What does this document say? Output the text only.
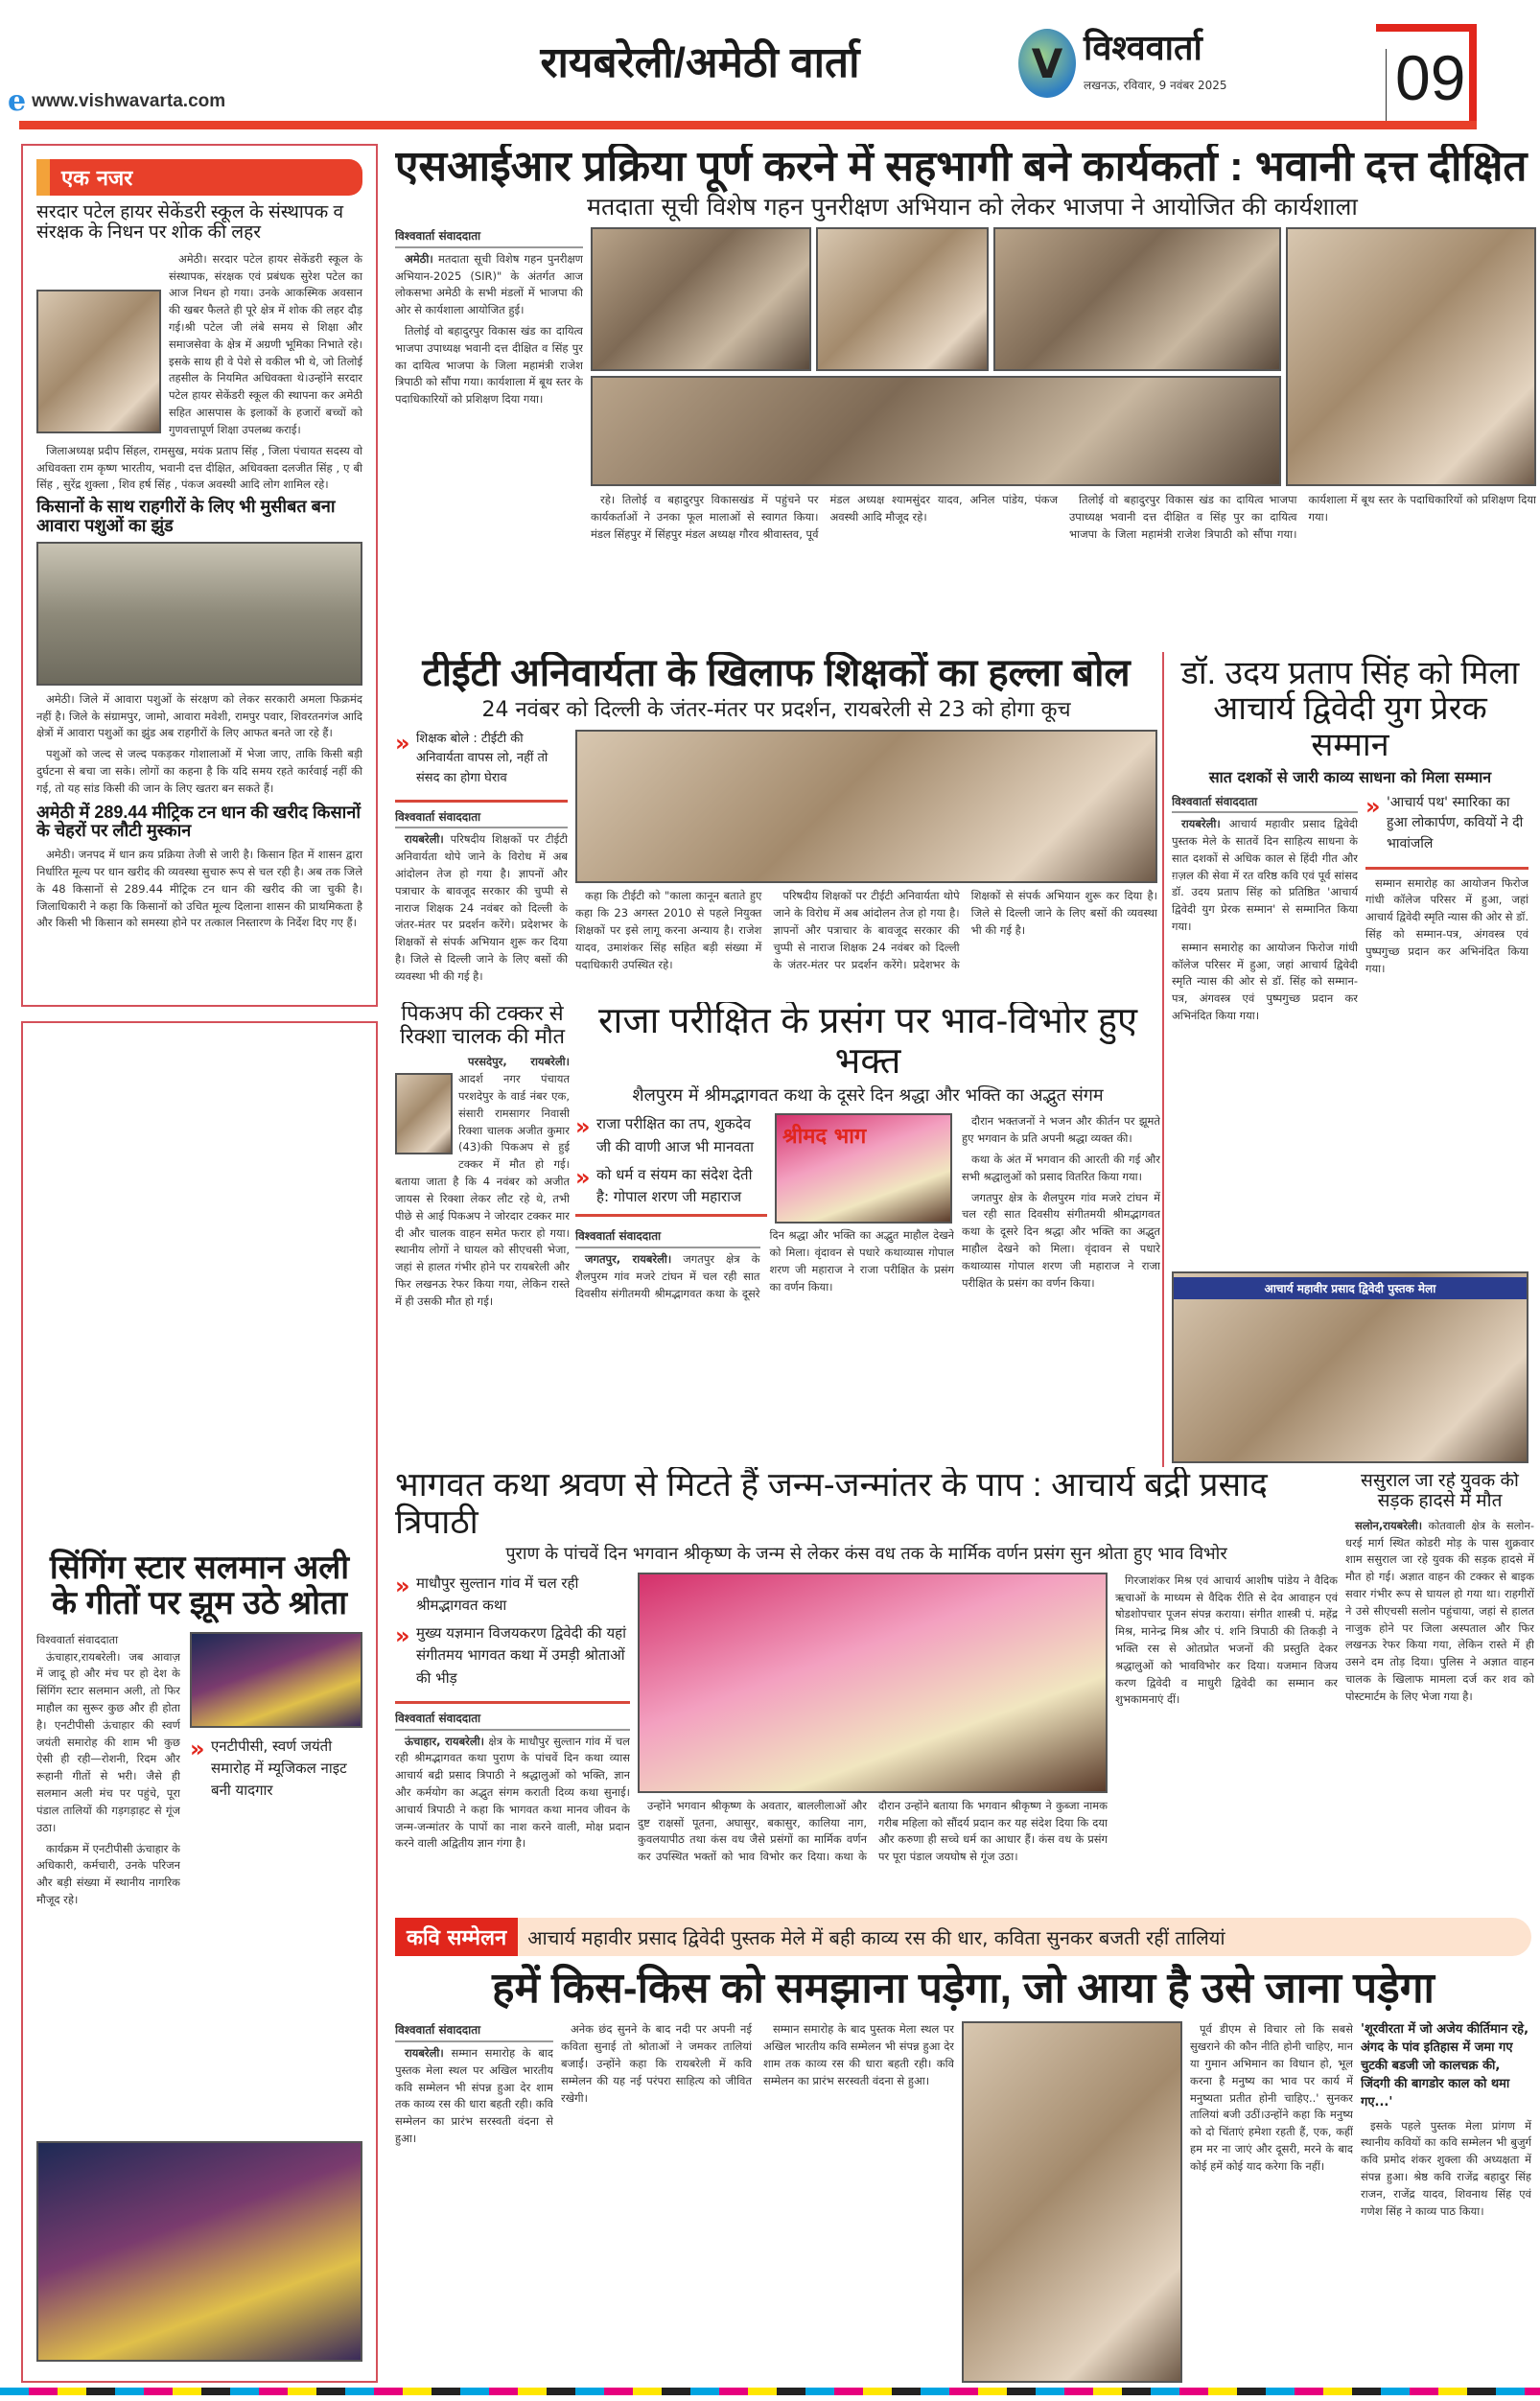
e www.vishwavarta.com
रायबरेली/अमेठी वार्ता	V विश्ववार्ता
लखनऊ, रविवार, 9 नवंबर 2025	09
एक नजर
सरदार पटेल हायर सेकेंडरी स्कूल के संस्थापक व संरक्षक के निधन पर शोक की लहर

अमेठी। सरदार पटेल हायर सेकेंडरी स्कूल के संस्थापक, संरक्षक एवं प्रबंधक सुरेश पटेल का आज निधन हो गया। उनके आकस्मिक अवसान की खबर फैलते ही पूरे क्षेत्र में शोक की लहर दौड़ गई।श्री पटेल जी लंबे समय से शिक्षा और समाजसेवा के क्षेत्र में अग्रणी भूमिका निभाते रहे। इसके साथ ही वे पेशे से वकील भी थे, जो तिलोई तहसील के नियमित अधिवक्ता थे।उन्होंने सरदार पटेल हायर सेकेंडरी स्कूल की स्थापना कर अमेठी सहित आसपास के इलाकों के हजारों बच्चों को गुणवत्तापूर्ण शिक्षा उपलब्ध कराई।

जिलाअध्यक्ष प्रदीप सिंहल, रामसुख, मयंक प्रताप सिंह , जिला पंचायत सदस्य वो अधिवक्ता राम कृष्ण भारतीय, भवानी दत्त दीक्षित, अधिवक्ता दलजीत सिंह , ए बी सिंह , सुरेंद्र शुक्ला , शिव हर्ष सिंह , पंकज अवस्थी आदि लोग शामिल रहे।

किसानों के साथ राहगीरों के लिए भी मुसीबत बना आवारा पशुओं का झुंड

अमेठी। जिले में आवारा पशुओं के संरक्षण को लेकर सरकारी अमला फिक्रमंद नहीं है। जिले के संग्रामपुर, जामो, आवारा मवेशी, रामपुर पवार, शिवरतनगंज आदि क्षेत्रों में आवारा पशुओं का झुंड अब राहगीरों के लिए आफत बनते जा रहे हैं।

पशुओं को जल्द से जल्द पकड़कर गोशालाओं में भेजा जाए, ताकि किसी बड़ी दुर्घटना से बचा जा सके। लोगों का कहना है कि यदि समय रहते कार्रवाई नहीं की गई, तो यह सांड किसी की जान के लिए खतरा बन सकते हैं।

अमेठी में 289.44 मीट्रिक टन धान की खरीद किसानों के चेहरों पर लौटी मुस्कान

अमेठी। जनपद में धान क्रय प्रक्रिया तेजी से जारी है। किसान हित में शासन द्वारा निर्धारित मूल्य पर धान खरीद की व्यवस्था सुचारु रूप से चल रही है। अब तक जिले के 48 किसानों से 289.44 मीट्रिक टन धान की खरीद की जा चुकी है। जिलाधिकारी ने कहा कि किसानों को उचित मूल्य दिलाना शासन की प्राथमिकता है और किसी भी किसान को समस्या होने पर तत्काल निस्तारण के निर्देश दिए गए हैं।

सिंगिंग स्टार सलमान अली के गीतों पर झूम उठे श्रोता
विश्ववार्ता संवाददाता

ऊंचाहार,रायबरेली। जब आवाज़ में जादू हो और मंच पर हो देश के सिंगिंग स्टार सलमान अली, तो फिर माहौल का सुरूर कुछ और ही होता है। एनटीपीसी ऊंचाहार की स्वर्ण जयंती समारोह की शाम भी कुछ ऐसी ही रही—रोशनी, रिदम और रूहानी गीतों से भरी। जैसे ही सलमान अली मंच पर पहुंचे, पूरा पंडाल तालियों की गड़गड़ाहट से गूंज उठा।

कार्यक्रम में एनटीपीसी ऊंचाहार के अधिकारी, कर्मचारी, उनके परिजन और बड़ी संख्या में स्थानीय नागरिक मौजूद रहे।

» एनटीपीसी, स्वर्ण जयंती समारोह में म्यूजिकल नाइट बनी यादगार
एसआईआर प्रक्रिया पूर्ण करने में सहभागी बने कार्यकर्ता : भवानी दत्त दीक्षित
मतदाता सूची विशेष गहन पुनरीक्षण अभियान को लेकर भाजपा ने आयोजित की कार्यशाला
विश्ववार्ता संवाददाता

अमेठी। मतदाता सूची विशेष गहन पुनरीक्षण अभियान-2025 (SIR)" के अंतर्गत आज लोकसभा अमेठी के सभी मंडलों में भाजपा की ओर से कार्यशाला आयोजित हुई।

तिलोई वो बहादुरपुर विकास खंड का दायित्व भाजपा उपाध्यक्ष भवानी दत्त दीक्षित व सिंह पुर का दायित्व भाजपा के जिला महामंत्री राजेश त्रिपाठी को सौंपा गया। कार्यशाला में बूथ स्तर के पदाधिकारियों को प्रशिक्षण दिया गया।

रहे। तिलोई व बहादुरपुर विकासखंड में पहुंचने पर कार्यकर्ताओं ने उनका फूल मालाओं से स्वागत किया। मंडल सिंहपुर में सिंहपुर मंडल अध्यक्ष गौरव श्रीवास्तव, पूर्व मंडल अध्यक्ष श्यामसुंदर यादव, अनिल पांडेय, पंकज अवस्थी आदि मौजूद रहे।

तिलोई वो बहादुरपुर विकास खंड का दायित्व भाजपा उपाध्यक्ष भवानी दत्त दीक्षित व सिंह पुर का दायित्व भाजपा के जिला महामंत्री राजेश त्रिपाठी को सौंपा गया। कार्यशाला में बूथ स्तर के पदाधिकारियों को प्रशिक्षण दिया गया।

टीईटी अनिवार्यता के खिलाफ शिक्षकों का हल्ला बोल
24 नवंबर को दिल्ली के जंतर-मंतर पर प्रदर्शन, रायबरेली से 23 को होगा कूच
» शिक्षक बोले : टीईटी की अनिवार्यता वापस लो, नहीं तो संसद का होगा घेराव
विश्ववार्ता संवाददाता

रायबरेली। परिषदीय शिक्षकों पर टीईटी अनिवार्यता थोपे जाने के विरोध में अब आंदोलन तेज हो गया है। ज्ञापनों और पत्राचार के बावजूद सरकार की चुप्पी से नाराज शिक्षक 24 नवंबर को दिल्ली के जंतर-मंतर पर प्रदर्शन करेंगे। प्रदेशभर के शिक्षकों से संपर्क अभियान शुरू कर दिया है। जिले से दिल्ली जाने के लिए बसों की व्यवस्था भी की गई है।

कहा कि टीईटी को "काला कानून बताते हुए कहा कि 23 अगस्त 2010 से पहले नियुक्त शिक्षकों पर इसे लागू करना अन्याय है। राजेश यादव, उमाशंकर सिंह सहित बड़ी संख्या में पदाधिकारी उपस्थित रहे।

परिषदीय शिक्षकों पर टीईटी अनिवार्यता थोपे जाने के विरोध में अब आंदोलन तेज हो गया है। ज्ञापनों और पत्राचार के बावजूद सरकार की चुप्पी से नाराज शिक्षक 24 नवंबर को दिल्ली के जंतर-मंतर पर प्रदर्शन करेंगे। प्रदेशभर के शिक्षकों से संपर्क अभियान शुरू कर दिया है। जिले से दिल्ली जाने के लिए बसों की व्यवस्था भी की गई है।

डॉ. उदय प्रताप सिंह को मिला आचार्य द्विवेदी युग प्रेरक सम्मान
सात दशकों से जारी काव्य साधना को मिला सम्मान
विश्ववार्ता संवाददाता

रायबरेली। आचार्य महावीर प्रसाद द्विवेदी पुस्तक मेले के सातवें दिन साहित्य साधना के सात दशकों से अधिक काल से हिंदी गीत और ग़ज़ल की सेवा में रत वरिष्ठ कवि एवं पूर्व सांसद डॉ. उदय प्रताप सिंह को प्रतिष्ठित 'आचार्य द्विवेदी युग प्रेरक सम्मान' से सम्मानित किया गया।

सम्मान समारोह का आयोजन फिरोज गांधी कॉलेज परिसर में हुआ, जहां आचार्य द्विवेदी स्मृति न्यास की ओर से डॉ. सिंह को सम्मान-पत्र, अंगवस्त्र एवं पुष्पगुच्छ प्रदान कर अभिनंदित किया गया।

» 'आचार्य पथ' स्मारिका का हुआ लोकार्पण, कवियों ने दी भावांजलि

सम्मान समारोह का आयोजन फिरोज गांधी कॉलेज परिसर में हुआ, जहां आचार्य द्विवेदी स्मृति न्यास की ओर से डॉ. सिंह को सम्मान-पत्र, अंगवस्त्र एवं पुष्पगुच्छ प्रदान कर अभिनंदित किया गया।

आचार्य महावीर प्रसाद द्विवेदी पुस्तक मेला
पिकअप की टक्कर से रिक्शा चालक की मौत

परसदेपुर, रायबरेली। आदर्श नगर पंचायत परशदेपुर के वार्ड नंबर एक, संसारी रामसागर निवासी रिक्शा चालक अजीत कुमार (43)की पिकअप से हुई टक्कर में मौत हो गई। बताया जाता है कि 4 नवंबर को अजीत जायस से रिक्शा लेकर लौट रहे थे, तभी पीछे से आई पिकअप ने जोरदार टक्कर मार दी और चालक वाहन समेत फरार हो गया। स्थानीय लोगों ने घायल को सीएचसी भेजा, जहां से हालत गंभीर होने पर रायबरेली और फिर लखनऊ रेफर किया गया, लेकिन रास्ते में ही उसकी मौत हो गई।

राजा परीक्षित के प्रसंग पर भाव-विभोर हुए भक्त
शैलपुरम में श्रीमद्भागवत कथा के दूसरे दिन श्रद्धा और भक्ति का अद्भुत संगम
» राजा परीक्षित का तप, शुकदेव जी की वाणी आज भी मानवता
» को धर्म व संयम का संदेश देती है: गोपाल शरण जी महाराज
श्रीमद भाग
विश्ववार्ता संवाददाता

जगतपुर, रायबरेली। जगतपुर क्षेत्र के शैलपुरम गांव मजरे टांघन में चल रही सात दिवसीय संगीतमयी श्रीमद्भागवत कथा के दूसरे दिन श्रद्धा और भक्ति का अद्भुत माहौल देखने को मिला। वृंदावन से पधारे कथाव्यास गोपाल शरण जी महाराज ने राजा परीक्षित के प्रसंग का वर्णन किया।

दौरान भक्तजनों ने भजन और कीर्तन पर झूमते हुए भगवान के प्रति अपनी श्रद्धा व्यक्त की।

कथा के अंत में भगवान की आरती की गई और सभी श्रद्धालुओं को प्रसाद वितरित किया गया।

जगतपुर क्षेत्र के शैलपुरम गांव मजरे टांघन में चल रही सात दिवसीय संगीतमयी श्रीमद्भागवत कथा के दूसरे दिन श्रद्धा और भक्ति का अद्भुत माहौल देखने को मिला। वृंदावन से पधारे कथाव्यास गोपाल शरण जी महाराज ने राजा परीक्षित के प्रसंग का वर्णन किया।

भागवत कथा श्रवण से मिटते हैं जन्म-जन्मांतर के पाप : आचार्य बद्री प्रसाद त्रिपाठी
पुराण के पांचवें दिन भगवान श्रीकृष्ण के जन्म से लेकर कंस वध तक के मार्मिक वर्णन प्रसंग सुन श्रोता हुए भाव विभोर
» माधौपुर सुल्तान गांव में चल रही श्रीमद्भागवत कथा
» मुख्य यज्ञमान विजयकरण द्विवेदी की यहां संगीतमय भागवत कथा में उमड़ी श्रोताओं की भीड़
विश्ववार्ता संवाददाता

ऊंचाहार, रायबरेली। क्षेत्र के माधौपुर सुल्तान गांव में चल रही श्रीमद्भागवत कथा पुराण के पांचवें दिन कथा व्यास आचार्य बद्री प्रसाद त्रिपाठी ने श्रद्धालुओं को भक्ति, ज्ञान और कर्मयोग का अद्भुत संगम कराती दिव्य कथा सुनाई। आचार्य त्रिपाठी ने कहा कि भागवत कथा मानव जीवन के जन्म-जन्मांतर के पापों का नाश करने वाली, मोक्ष प्रदान करने वाली अद्वितीय ज्ञान गंगा है।

उन्होंने भगवान श्रीकृष्ण के अवतार, बाललीलाओं और दुष्ट राक्षसों पूतना, अघासुर, बकासुर, कालिया नाग, कुवलयापीठ तथा कंस वध जैसे प्रसंगों का मार्मिक वर्णन कर उपस्थित भक्तों को भाव विभोर कर दिया। कथा के दौरान उन्होंने बताया कि भगवान श्रीकृष्ण ने कुब्जा नामक गरीब महिला को सौंदर्य प्रदान कर यह संदेश दिया कि दया और करुणा ही सच्चे धर्म का आधार हैं। कंस वध के प्रसंग पर पूरा पंडाल जयघोष से गूंज उठा।

गिरजाशंकर मिश्र एवं आचार्य आशीष पांडेय ने वैदिक ऋचाओं के माध्यम से वैदिक रीति से देव आवाहन एवं षोडशोपचार पूजन संपन्न कराया। संगीत शास्त्री पं. महेंद्र मिश्र, मानेन्द्र मिश्र और पं. शनि त्रिपाठी की तिकड़ी ने भक्ति रस से ओतप्रोत भजनों की प्रस्तुति देकर श्रद्धालुओं को भावविभोर कर दिया। यजमान विजय करण द्विवेदी व माधुरी द्विवेदी का सम्मान कर शुभकामनाएं दीं।

ससुराल जा रहे युवक की सड़क हादसे में मौत

सलोन,रायबरेली। कोतवाली क्षेत्र के सलोन-धरई मार्ग स्थित कोडरी मोड़ के पास शुक्रवार शाम ससुराल जा रहे युवक की सड़क हादसे में मौत हो गई। अज्ञात वाहन की टक्कर से बाइक सवार गंभीर रूप से घायल हो गया था। राहगीरों ने उसे सीएचसी सलोन पहुंचाया, जहां से हालत नाजुक होने पर जिला अस्पताल और फिर लखनऊ रेफर किया गया, लेकिन रास्ते में ही उसने दम तोड़ दिया। पुलिस ने अज्ञात वाहन चालक के खिलाफ मामला दर्ज कर शव को पोस्टमार्टम के लिए भेजा गया है।

कवि सम्मेलन	आचार्य महावीर प्रसाद द्विवेदी पुस्तक मेले में बही काव्य रस की धार, कविता सुनकर बजती रहीं तालियां
हमें किस-किस को समझाना पड़ेगा, जो आया है उसे जाना पड़ेगा
विश्ववार्ता संवाददाता

रायबरेली। सम्मान समारोह के बाद पुस्तक मेला स्थल पर अखिल भारतीय कवि सम्मेलन भी संपन्न हुआ देर शाम तक काव्य रस की धारा बहती रही। कवि सम्मेलन का प्रारंभ सरस्वती वंदना से हुआ।

अनेक छंद सुनने के बाद नदी पर अपनी नई कविता सुनाई तो श्रोताओं ने जमकर तालियां बजाईं। उन्होंने कहा कि रायबरेली में कवि सम्मेलन की यह नई परंपरा साहित्य को जीवित रखेगी।

सम्मान समारोह के बाद पुस्तक मेला स्थल पर अखिल भारतीय कवि सम्मेलन भी संपन्न हुआ देर शाम तक काव्य रस की धारा बहती रही। कवि सम्मेलन का प्रारंभ सरस्वती वंदना से हुआ।

पूर्व डीएम से विचार लो कि सबसे सुखराने की कौन नीति होनी चाहिए, मान या गुमान अभिमान का विधान हो, भूल करना है मनुष्य का भाव पर कार्य में मनुष्यता प्रतीत होनी चाहिए..' सुनकर तालियां बजी उठीं।उन्होंने कहा कि मनुष्य को दो चिंताएं हमेशा रहती हैं, एक, कहीं हम मर ना जाएं और दूसरी, मरने के बाद कोई हमें कोई याद करेगा कि नहीं।

'शूरवीरता में जो अजेय कीर्तिमान रहे, अंगद के पांव इतिहास में जमा गए चुटकी बडजी जो कालचक्र की, जिंदगी की बागडोर काल को थमा गए...'

इसके पहले पुस्तक मेला प्रांगण में स्थानीय कवियों का कवि सम्मेलन भी बुजुर्ग कवि प्रमोद शंकर शुक्ला की अध्यक्षता में संपन्न हुआ। श्रेष्ठ कवि राजेंद्र बहादुर सिंह राजन, राजेंद्र यादव, शिवनाथ सिंह एवं गणेश सिंह ने काव्य पाठ किया।
